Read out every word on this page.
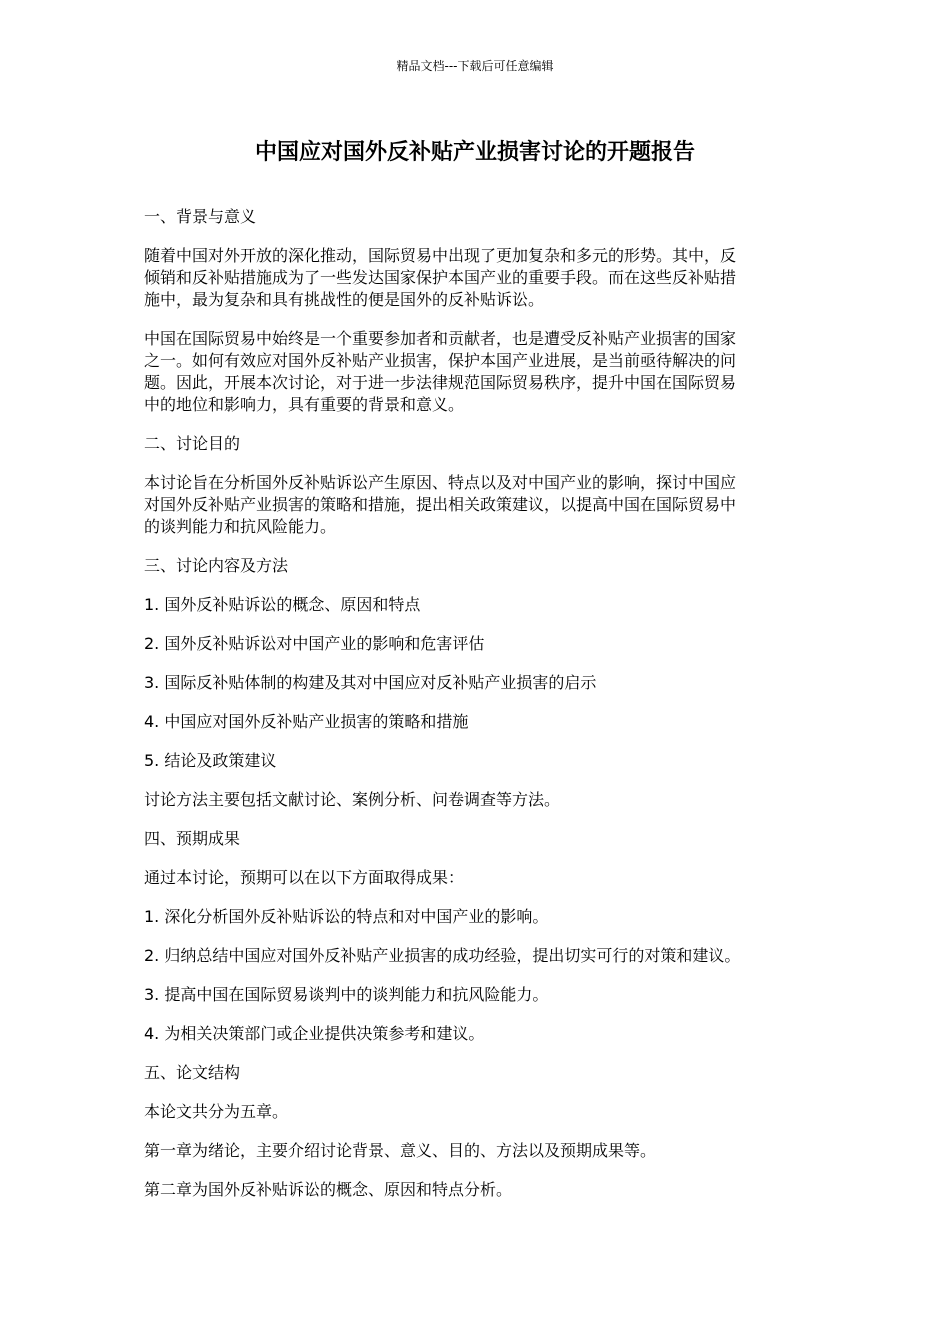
精品文档---下载后可任意编辑
中国应对国外反补贴产业损害讨论的开题报告

一、背景与意义

随着中国对外开放的深化推动，国际贸易中出现了更加复杂和多元的形势。其中，反

倾销和反补贴措施成为了一些发达国家保护本国产业的重要手段。而在这些反补贴措

施中，最为复杂和具有挑战性的便是国外的反补贴诉讼。

中国在国际贸易中始终是一个重要参加者和贡献者，也是遭受反补贴产业损害的国家

之一。如何有效应对国外反补贴产业损害，保护本国产业进展，是当前亟待解决的问

题。因此，开展本次讨论，对于进一步法律规范国际贸易秩序，提升中国在国际贸易

中的地位和影响力，具有重要的背景和意义。

二、讨论目的

本讨论旨在分析国外反补贴诉讼产生原因、特点以及对中国产业的影响，探讨中国应

对国外反补贴产业损害的策略和措施，提出相关政策建议，以提高中国在国际贸易中

的谈判能力和抗风险能力。

三、讨论内容及方法

1. 国外反补贴诉讼的概念、原因和特点

2. 国外反补贴诉讼对中国产业的影响和危害评估

3. 国际反补贴体制的构建及其对中国应对反补贴产业损害的启示

4. 中国应对国外反补贴产业损害的策略和措施

5. 结论及政策建议

讨论方法主要包括文献讨论、案例分析、问卷调查等方法。

四、预期成果

通过本讨论，预期可以在以下方面取得成果：

1. 深化分析国外反补贴诉讼的特点和对中国产业的影响。

2. 归纳总结中国应对国外反补贴产业损害的成功经验，提出切实可行的对策和建议。

3. 提高中国在国际贸易谈判中的谈判能力和抗风险能力。

4. 为相关决策部门或企业提供决策参考和建议。

五、论文结构

本论文共分为五章。

第一章为绪论，主要介绍讨论背景、意义、目的、方法以及预期成果等。

第二章为国外反补贴诉讼的概念、原因和特点分析。
